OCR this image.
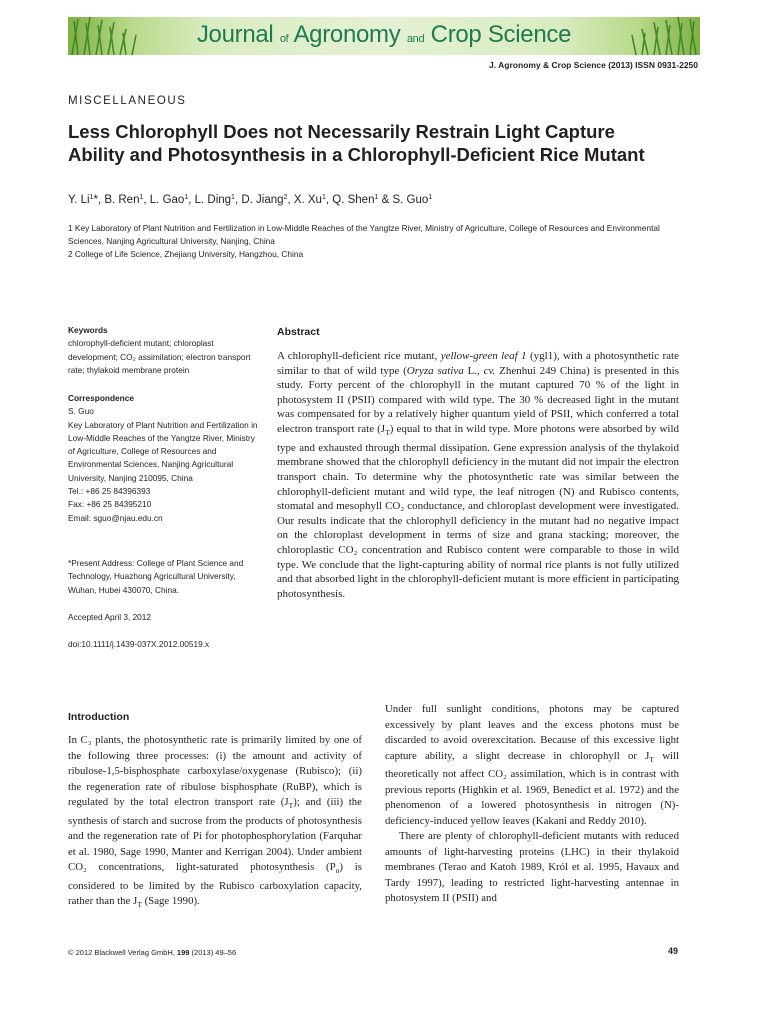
Journal of Agronomy and Crop Science
J. Agronomy & Crop Science (2013) ISSN 0931-2250
MISCELLANEOUS
Less Chlorophyll Does not Necessarily Restrain Light Capture Ability and Photosynthesis in a Chlorophyll-Deficient Rice Mutant
Y. Li$^1$*, B. Ren$^1$, L. Gao$^1$, L. Ding$^1$, D. Jiang$^2$, X. Xu$^1$, Q. Shen$^1$ & S. Guo$^1$
1 Key Laboratory of Plant Nutrition and Fertilization in Low-Middle Reaches of the Yangtze River, Ministry of Agriculture, College of Resources and Environmental Sciences, Nanjing Agricultural University, Nanjing, China
2 College of Life Science, Zhejiang University, Hangzhou, China
Keywords
chlorophyll-deficient mutant; chloroplast development; CO₂ assimilation; electron transport rate; thylakoid membrane protein
Correspondence
S. Guo
Key Laboratory of Plant Nutrition and Fertilization in Low-Middle Reaches of the Yangtze River, Ministry of Agriculture, College of Resources and Environmental Sciences, Nanjing Agricultural University, Nanjing 210095, China
Tel.: +86 25 84396393
Fax: +86 25 84395210
Email: sguo@njau.edu.cn
*Present Address: College of Plant Science and Technology, Huazhong Agricultural University, Wuhan, Hubei 430070, China.
Accepted April 3, 2012
doi:10.1111/j.1439-037X.2012.00519.x
Abstract
A chlorophyll-deficient rice mutant, yellow-green leaf 1 (ygl1), with a photosynthetic rate similar to that of wild type (Oryza sativa L., cv. Zhenhui 249 China) is presented in this study. Forty percent of the chlorophyll in the mutant captured 70 % of the light in photosystem II (PSII) compared with wild type. The 30 % decreased light in the mutant was compensated for by a relatively higher quantum yield of PSII, which conferred a total electron transport rate $(J_T)$ equal to that in wild type. More photons were absorbed by wild type and exhausted through thermal dissipation. Gene expression analysis of the thylakoid membrane showed that the chlorophyll deficiency in the mutant did not impair the electron transport chain. To determine why the photosynthetic rate was similar between the chlorophyll-deficient mutant and wild type, the leaf nitrogen (N) and Rubisco contents, stomatal and mesophyll CO₂ conductance, and chloroplast development were investigated. Our results indicate that the chlorophyll deficiency in the mutant had no negative impact on the chloroplast development in terms of size and grana stacking; moreover, the chloroplastic CO₂ concentration and Rubisco content were comparable to those in wild type. We conclude that the light-capturing ability of normal rice plants is not fully utilized and that absorbed light in the chlorophyll-deficient mutant is more efficient in participating photosynthesis.
Introduction
In C₃ plants, the photosynthetic rate is primarily limited by one of the following three processes: (i) the amount and activity of ribulose-1,5-bisphosphate carboxylase/oxygenase (Rubisco); (ii) the regeneration rate of ribulose bisphosphate (RuBP), which is regulated by the total electron transport rate $(J_T)$; and (iii) the synthesis of starch and sucrose from the products of photosynthesis and the regeneration rate of Pi for photophosphorylation (Farquhar et al. 1980, Sage 1990, Manter and Kerrigan 2004). Under ambient CO₂ concentrations, light-saturated photosynthesis $(P_n)$ is considered to be limited by the Rubisco carboxylation capacity, rather than the $J_T$ (Sage 1990).
Under full sunlight conditions, photons may be captured excessively by plant leaves and the excess photons must be discarded to avoid overexcitation. Because of this excessive light capture ability, a slight decrease in chlorophyll or $J_T$ will theoretically not affect CO₂ assimilation, which is in contrast with previous reports (Highkin et al. 1969, Benedict et al. 1972) and the phenomenon of a lowered photosynthesis in nitrogen (N)-deficiency-induced yellow leaves (Kakani and Reddy 2010).
There are plenty of chlorophyll-deficient mutants with reduced amounts of light-harvesting proteins (LHC) in their thylakoid membranes (Terao and Katoh 1989, Król et al. 1995, Havaux and Tardy 1997), leading to restricted light-harvesting antennae in photosystem II (PSII) and
© 2012 Blackwell Verlag GmbH, 199 (2013) 49–56	49
